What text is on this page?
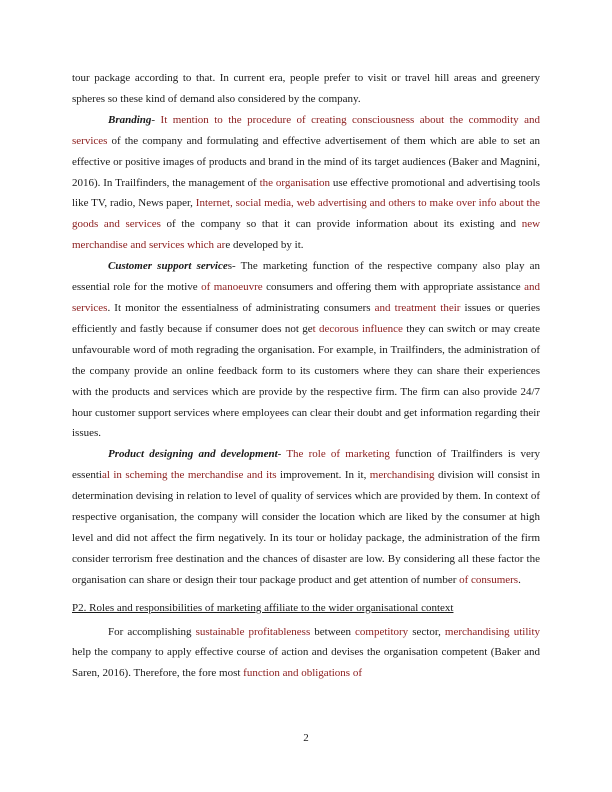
tour package according to that. In current era, people prefer to visit or travel hill areas and greenery spheres so these kind of demand also considered by the company.

Branding- It mention to the procedure of creating consciousness about the commodity and services of the company and formulating and effective advertisement of them which are able to set an effective or positive images of products and brand in the mind of its target audiences (Baker and Magnini, 2016). In Trailfinders, the management of the organisation use effective promotional and advertising tools like TV, radio, News paper, Internet, social media, web advertising and others to make over info about the goods and services of the company so that it can provide information about its existing and new merchandise and services which are developed by it.

Customer support services- The marketing function of the respective company also play an essential role for the motive of manoeuvre consumers and offering them with appropriate assistance and services. It monitor the essentialness of administrating consumers and treatment their issues or queries efficiently and fastly because if consumer does not get decorous influence they can switch or may create unfavourable word of moth regrading the organisation. For example, in Trailfinders, the administration of the company provide an online feedback form to its customers where they can share their experiences with the products and services which are provide by the respective firm. The firm can also provide 24/7 hour customer support services where employees can clear their doubt and get information regarding their issues.

Product designing and development- The role of marketing function of Trailfinders is very essential in scheming the merchandise and its improvement. In it, merchandising division will consist in determination devising in relation to level of quality of services which are provided by them. In context of respective organisation, the company will consider the location which are liked by the consumer at high level and did not affect the firm negatively. In its tour or holiday package, the administration of the firm consider terrorism free destination and the chances of disaster are low. By considering all these factor the organisation can share or design their tour package product and get attention of number of consumers.

P2. Roles and responsibilities of marketing affiliate to the wider organisational context

For accomplishing sustainable profitableness between competitory sector, merchandising utility help the company to apply effective course of action and devises the organisation competent (Baker and Saren, 2016). Therefore, the fore most function and obligations of

2
